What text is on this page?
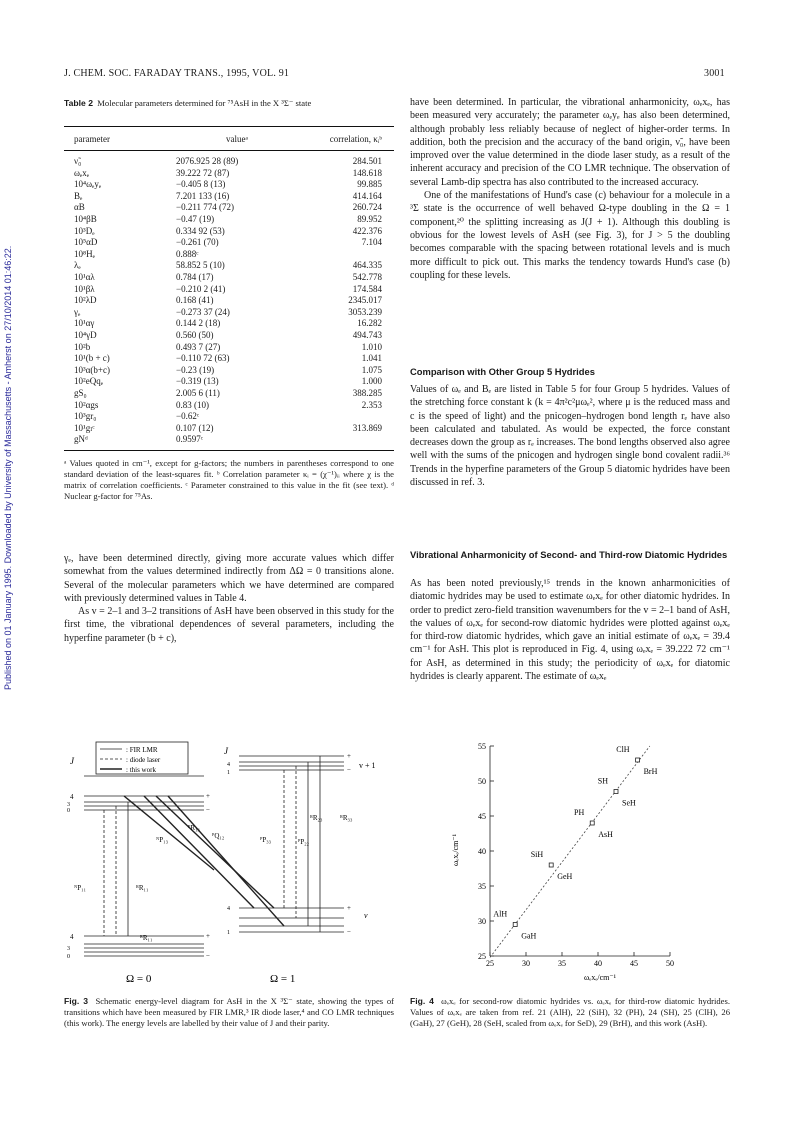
J. CHEM. SOC. FARADAY TRANS., 1995, VOL. 91	3001
Published on 01 January 1995. Downloaded by University of Massachusetts - Amherst on 27/10/2014 01:46:22.
Table 2 Molecular parameters determined for ⁷⁵AsH in the X ³Σ⁻ state
parameter	valueᵃ	correlation, κᵢᵇ
ν̃₀	2076.925 28 (89)	284.501
ωₑxₑ	39.222 72 (87)	148.618
10⁴ωₑyₑ	−0.405 8 (13)	99.885
Bₑ	7.201 133 (16)	414.164
αB	−0.211 774 (72)	260.724
10⁴βB	−0.47 (19)	89.952
10³Dₑ	0.334 92 (53)	422.376
10⁵αD	−0.261 (70)	7.104
10⁸Hₑ	0.888ᶜ
λₑ	58.852 5 (10)	464.335
10¹αλ	0.784 (17)	542.778
10¹βλ	−0.210 2 (41)	174.584
10²λD	0.168 (41)	2345.017
γₑ	−0.273 37 (24)	3053.239
10¹αγ	0.144 2 (18)	16.282
10⁴γD	0.560 (50)	494.743
10²b	0.493 7 (27)	1.010
10¹(b + c)	−0.110 72 (63)	1.041
10³α(b+c)	−0.23 (19)	1.075
10²eQqₑ	−0.319 (13)	1.000
gS₀	2.005 6 (11)	388.285
10²αgs	0.83 (10)	2.353
10³gr₀	−0.62ᶜ
10¹gₗᶜ	0.107 (12)	313.869
gNᵈ	0.9597ᶜ
ᵃ Values quoted in cm⁻¹, except for g-factors; the numbers in parentheses correspond to one standard deviation of the least-squares fit. ᵇ Correlation parameter κᵢ = (χ⁻¹)ᵢᵢ where χ is the matrix of correlation coefficients. ᶜ Parameter constrained to this value in the fit (see text). ᵈ Nuclear g-factor for ⁷⁵As.
γₑ, have been determined directly, giving more accurate values which differ somewhat from the values determined indirectly from ΔΩ = 0 transitions alone. Several of the molecular parameters which we have determined are compared with previously determined values in Table 4.
As v = 2–1 and 3–2 transitions of AsH have been observed in this study for the first time, the vibrational dependences of several parameters, including the hyperfine parameter (b + c),
have been determined. In particular, the vibrational anharmonicity, ωₑxₑ, has been measured very accurately; the parameter ωₑyₑ has also been determined, although probably less reliably because of neglect of higher-order terms. In addition, both the precision and the accuracy of the band origin, ν̃₀, have been improved over the value determined in the diode laser study, as a result of the inherent accuracy and precision of the CO LMR technique. The observation of several Lamb-dip spectra has also contributed to the increased accuracy.
One of the manifestations of Hund's case (c) behaviour for a molecule in a ³Σ state is the occurrence of well behaved Ω-type doubling in the Ω = 1 component,²⁰ the splitting increasing as J(J + 1). Although this doubling is obvious for the lowest levels of AsH (see Fig. 3), for J > 5 the doubling becomes comparable with the spacing between rotational levels and is much more difficult to pick out. This marks the tendency towards Hund's case (b) coupling for these levels.
Comparison with Other Group 5 Hydrides
Values of ωₑ and Bₑ are listed in Table 5 for four Group 5 hydrides. Values of the stretching force constant k (k = 4π²c²μωₑ², where μ is the reduced mass and c is the speed of light) and the pnicogen–hydrogen bond length rₑ have also been calculated and tabulated. As would be expected, the force constant decreases down the group as rₑ increases. The bond lengths observed also agree well with the sums of the pnicogen and hydrogen single bond covalent radii.³⁶ Trends in the hyperfine parameters of the Group 5 diatomic hydrides have been discussed in ref. 3.
Vibrational Anharmonicity of Second- and Third-row Diatomic Hydrides
As has been noted previously,¹⁵ trends in the known anharmonicities of diatomic hydrides may be used to estimate ωₑxₑ for other diatomic hydrides. In order to predict zero-field transition wavenumbers for the v = 2–1 band of AsH, the values of ωₑxₑ for second-row diatomic hydrides were plotted against ωₑxₑ for third-row diatomic hydrides, which gave an initial estimate of ωₑxₑ = 39.4 cm⁻¹ for AsH. This plot is reproduced in Fig. 4, using ωₑxₑ = 39.222 72 cm⁻¹ for AsH, as determined in this study; the periodicity of ωₑxₑ for diatomic hydrides is clearly apparent. The estimate of ωₑxₑ
: FIR LMR
: diode laser
: this work
J
4
3
0
4
3
0
J
4
1
v + 1
4
1
v
ᴺP₁₁	ᴿR₁₁
ᴿR₁₁
ᴺP₁₃
ᴾR₁₃
ᴾQ₁₂	ᴾP₃₃	ᴾP₂₂
ᴿR₂₃	ᴿR₃₃
+
−
+
−
+
−
+
−
Ω = 0	Ω = 1
Fig. 3 Schematic energy-level diagram for AsH in the X ³Σ⁻ state, showing the types of transitions which have been measured by FIR LMR,³ IR diode laser,⁴ and CO LMR techniques (this work). The energy levels are labelled by their value of J and their parity.
25	30	35	40	45	50
25
30
35
40
45
50
55
AlH
GaH
SiH
GeH
PH
AsH
SH
SeH
ClH
BrH
ωₑxₑ/cm⁻¹
ωₑxₑ/cm⁻¹
Fig. 4 ωₑxₑ for second-row diatomic hydrides vs. ωₑxₑ for third-row diatomic hydrides. Values of ωₑxₑ are taken from ref. 21 (AlH), 22 (SiH), 32 (PH), 24 (SH), 25 (ClH), 26 (GaH), 27 (GeH), 28 (SeH, scaled from ωₑxₑ for SeD), 29 (BrH), and this work (AsH).
